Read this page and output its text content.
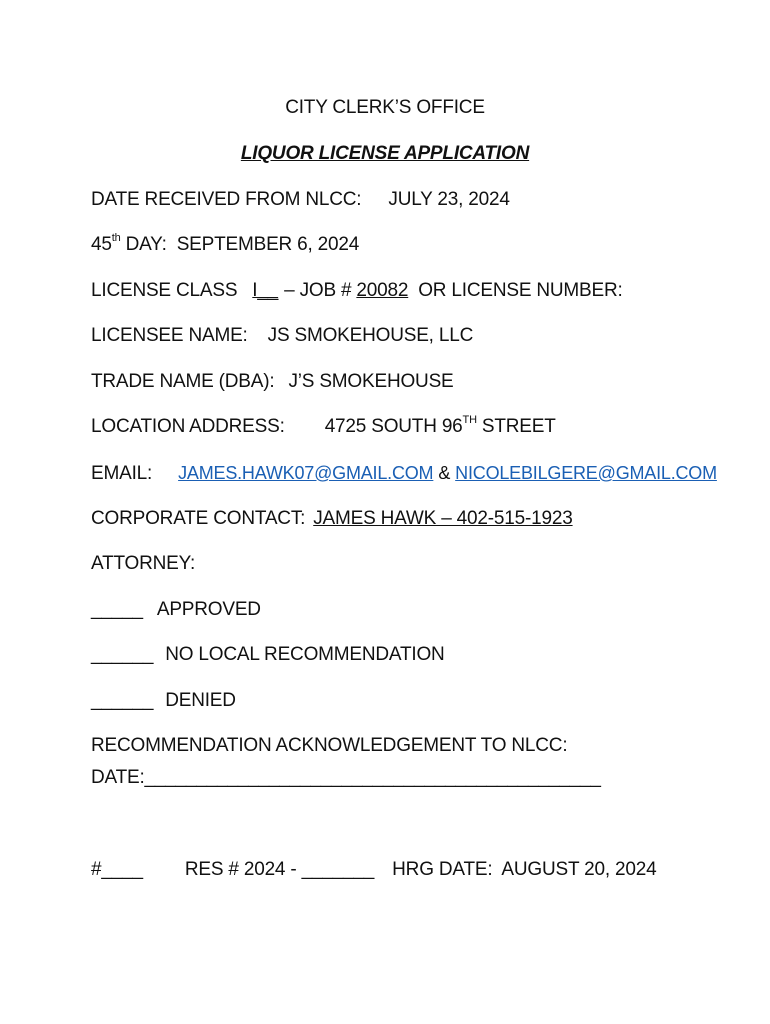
CITY CLERK’S OFFICE
LIQUOR LICENSE APPLICATION
DATE RECEIVED FROM NLCC: JULY 23, 2024
45th DAY: SEPTEMBER 6, 2024
LICENSE CLASS I__ – JOB # 20082 OR LICENSE NUMBER:
LICENSEE NAME: JS SMOKEHOUSE, LLC
TRADE NAME (DBA): J’S SMOKEHOUSE
LOCATION ADDRESS: 4725 SOUTH 96TH STREET
EMAIL: JAMES.HAWK07@GMAIL.COM & NICOLEBILGERE@GMAIL.COM
CORPORATE CONTACT: JAMES HAWK – 402-515-1923
ATTORNEY:
_____ APPROVED
______ NO LOCAL RECOMMENDATION
______ DENIED
RECOMMENDATION ACKNOWLEDGEMENT TO NLCC:
DATE:____________________________________________
#____ RES # 2024 - _______ HRG DATE: AUGUST 20, 2024
